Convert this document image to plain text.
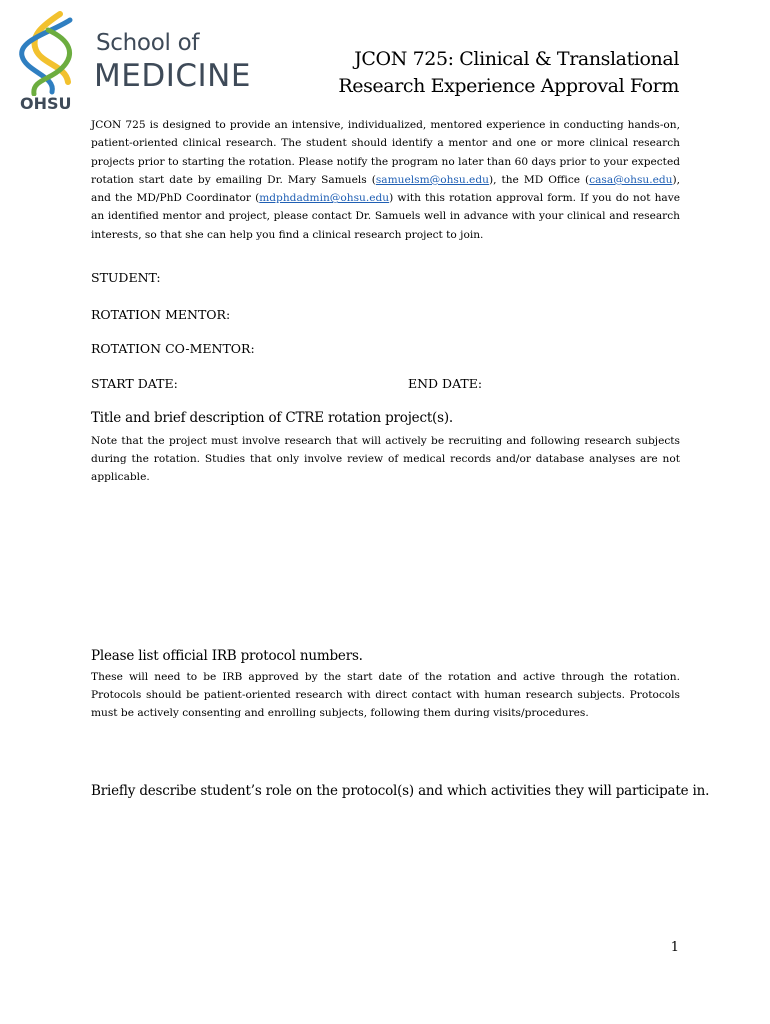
School of
MEDICINE
OHSU
JCON 725: Clinical & Translational
Research Experience Approval Form
JCON 725 is designed to provide an intensive, individualized, mentored experience in conducting hands-on, patient-oriented clinical research. The student should identify a mentor and one or more clinical research projects prior to starting the rotation. Please notify the program no later than 60 days prior to your expected rotation start date by emailing Dr. Mary Samuels (samuelsm@ohsu.edu), the MD Office (casa@ohsu.edu), and the MD/PhD Coordinator (mdphdadmin@ohsu.edu) with this rotation approval form. If you do not have an identified mentor and project, please contact Dr. Samuels well in advance with your clinical and research interests, so that she can help you find a clinical research project to join.
STUDENT:
ROTATION MENTOR:
ROTATION CO-MENTOR:
START DATE:	END DATE:
Title and brief description of CTRE rotation project(s).
Note that the project must involve research that will actively be recruiting and following research subjects during the rotation. Studies that only involve review of medical records and/or database analyses are not applicable.
Please list official IRB protocol numbers.
These will need to be IRB approved by the start date of the rotation and active through the rotation. Protocols should be patient-oriented research with direct contact with human research subjects. Protocols must be actively consenting and enrolling subjects, following them during visits/procedures.
Briefly describe student’s role on the protocol(s) and which activities they will participate in.
1
